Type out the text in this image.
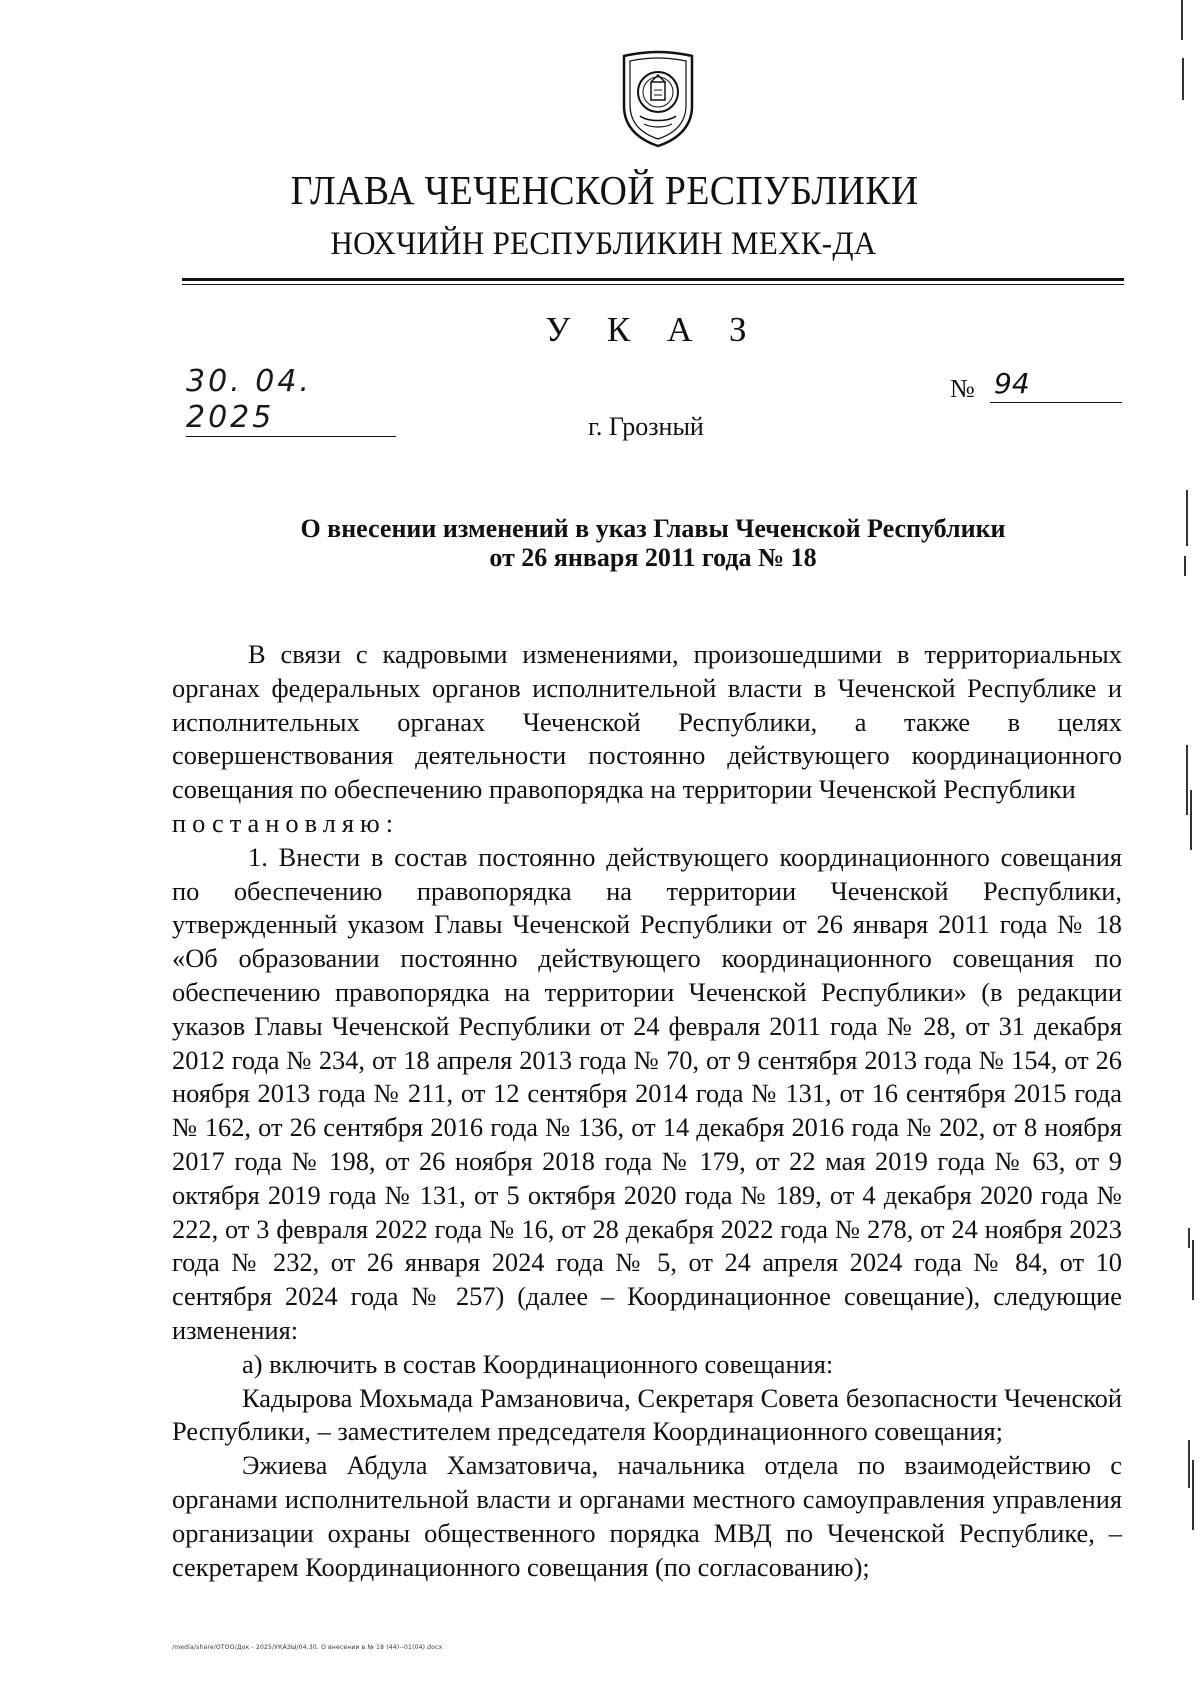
ГЛАВА ЧЕЧЕНСКОЙ РЕСПУБЛИКИ
НОХЧИЙН РЕСПУБЛИКИН МЕХК-ДА
У К А З
30. 04. 2025
№ 94
г. Грозный
О внесении изменений в указ Главы Чеченской Республики
от 26 января 2011 года № 18

В связи с кадровыми изменениями, произошедшими в территориальных органах федеральных органов исполнительной власти в Чеченской Республике и исполнительных органах Чеченской Республики, а также в целях совершенствования деятельности постоянно действующего координационного совещания по обеспечению правопорядка на территории Чеченской Республики

постановляю:

1. Внести в состав постоянно действующего координационного совещания по обеспечению правопорядка на территории Чеченской Республики, утвержденный указом Главы Чеченской Республики от 26 января 2011 года № 18 «Об образовании постоянно действующего координационного совещания по обеспечению правопорядка на территории Чеченской Республики» (в редакции указов Главы Чеченской Республики от 24 февраля 2011 года № 28, от 31 декабря 2012 года № 234, от 18 апреля 2013 года № 70, от 9 сентября 2013 года № 154, от 26 ноября 2013 года № 211, от 12 сентября 2014 года № 131, от 16 сентября 2015 года № 162, от 26 сентября 2016 года № 136, от 14 декабря 2016 года № 202, от 8 ноября 2017 года № 198, от 26 ноября 2018 года № 179, от 22 мая 2019 года № 63, от 9 октября 2019 года № 131, от 5 октября 2020 года № 189, от 4 декабря 2020 года № 222, от 3 февраля 2022 года № 16, от 28 декабря 2022 года № 278, от 24 ноября 2023 года № 232, от 26 января 2024 года № 5, от 24 апреля 2024 года № 84, от 10 сентября 2024 года № 257) (далее – Координационное совещание), следующие изменения:

а) включить в состав Координационного совещания:

Кадырова Мохьмада Рамзановича, Секретаря Совета безопасности Чеченской Республики, – заместителем председателя Координационного совещания;

Эжиева Абдула Хамзатовича, начальника отдела по взаимодействию с органами исполнительной власти и органами местного самоуправления управления организации охраны общественного порядка МВД по Чеченской Республике, – секретарем Координационного совещания (по согласованию);

/media/share/ОТОО/Док - 2025/УКАЗЫ/04.30. О внесении в № 18 (44)--01(04).docx
